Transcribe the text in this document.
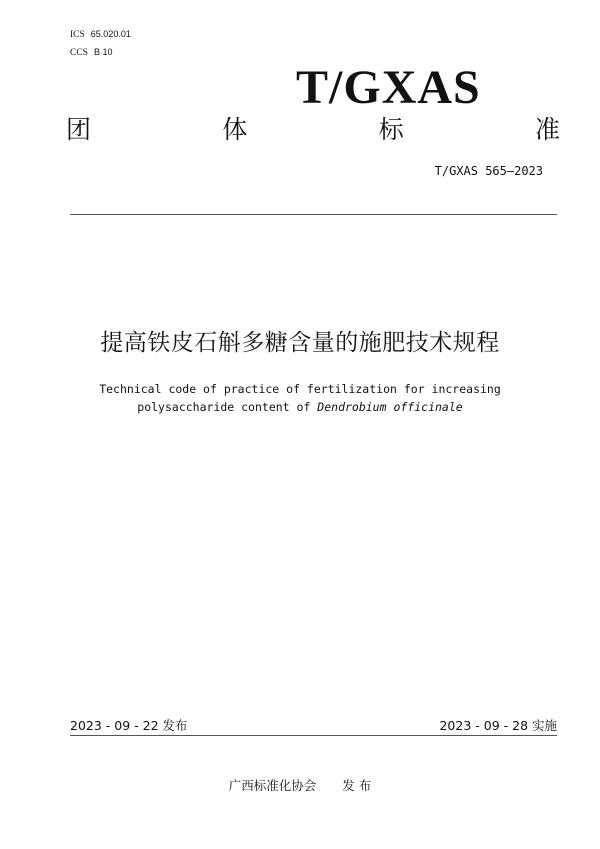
ICS 65.020.01
CCS B 10
T/GXAS
团	体	标	准
T/GXAS 565—2023
提高铁皮石斛多糖含量的施肥技术规程
Technical code of practice of fertilization for increasing
polysaccharide content of Dendrobium officinale
2023 - 09 - 22 发布	2023 - 09 - 28 实施
广西标准化协会 发 布
